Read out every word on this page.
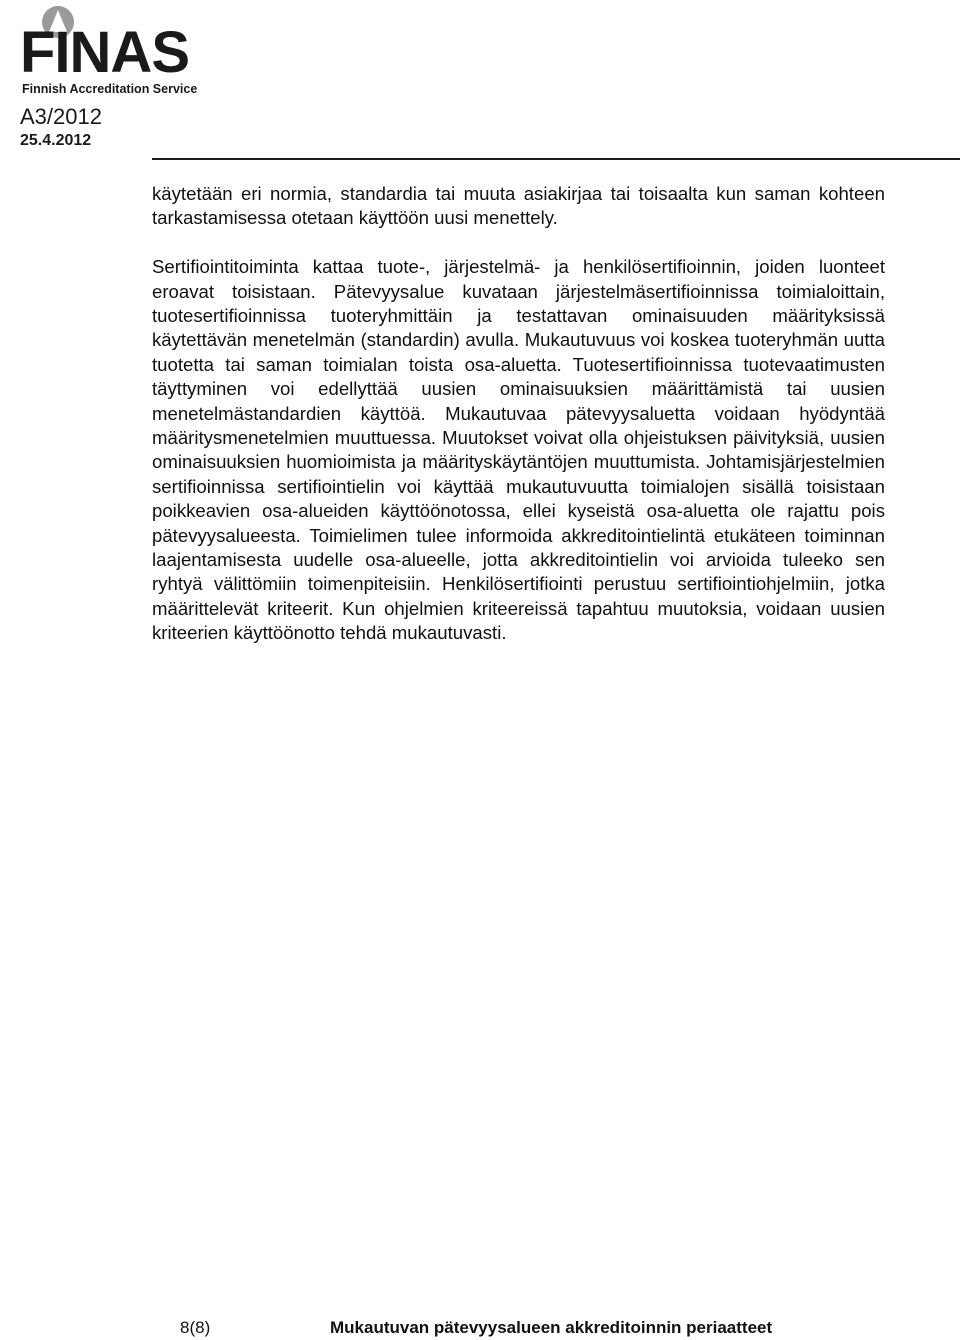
FINAS
Finnish Accreditation Service
A3/2012
25.4.2012

käytetään eri normia, standardia tai muuta asiakirjaa tai toisaalta kun saman kohteen tarkastamisessa otetaan käyttöön uusi menettely.

Sertifiointitoiminta kattaa tuote-, järjestelmä- ja henkilösertifioinnin, joiden luonteet eroavat toisistaan. Pätevyysalue kuvataan järjestelmäsertifioinnissa toimialoittain, tuotesertifioinnissa tuoteryhmittäin ja testattavan ominaisuuden määrityksissä käytettävän menetelmän (standardin) avulla. Mukautuvuus voi koskea tuoteryhmän uutta tuotetta tai saman toimialan toista osa-aluetta. Tuotesertifioinnissa tuotevaatimusten täyttyminen voi edellyttää uusien ominaisuuksien määrittämistä tai uusien menetelmästandardien käyttöä. Mukautuvaa pätevyysaluetta voidaan hyödyntää määritysmenetelmien muuttuessa. Muutokset voivat olla ohjeistuksen päivityksiä, uusien ominaisuuksien huomioimista ja määrityskäytäntöjen muuttumista. Johtamisjärjestelmien sertifioinnissa sertifiointielin voi käyttää mukautuvuutta toimialojen sisällä toisistaan poikkeavien osa-alueiden käyttöönotossa, ellei kyseistä osa-aluetta ole rajattu pois pätevyysalueesta. Toimielimen tulee informoida akkreditointielintä etukäteen toiminnan laajentamisesta uudelle osa-alueelle, jotta akkreditointielin voi arvioida tuleeko sen ryhtyä välittömiin toimenpiteisiin. Henkilösertifiointi perustuu sertifiointiohjelmiin, jotka määrittelevät kriteerit. Kun ohjelmien kriteereissä tapahtuu muutoksia, voidaan uusien kriteerien käyttöönotto tehdä mukautuvasti.

8(8)	Mukautuvan pätevyysalueen akkreditoinnin periaatteet
